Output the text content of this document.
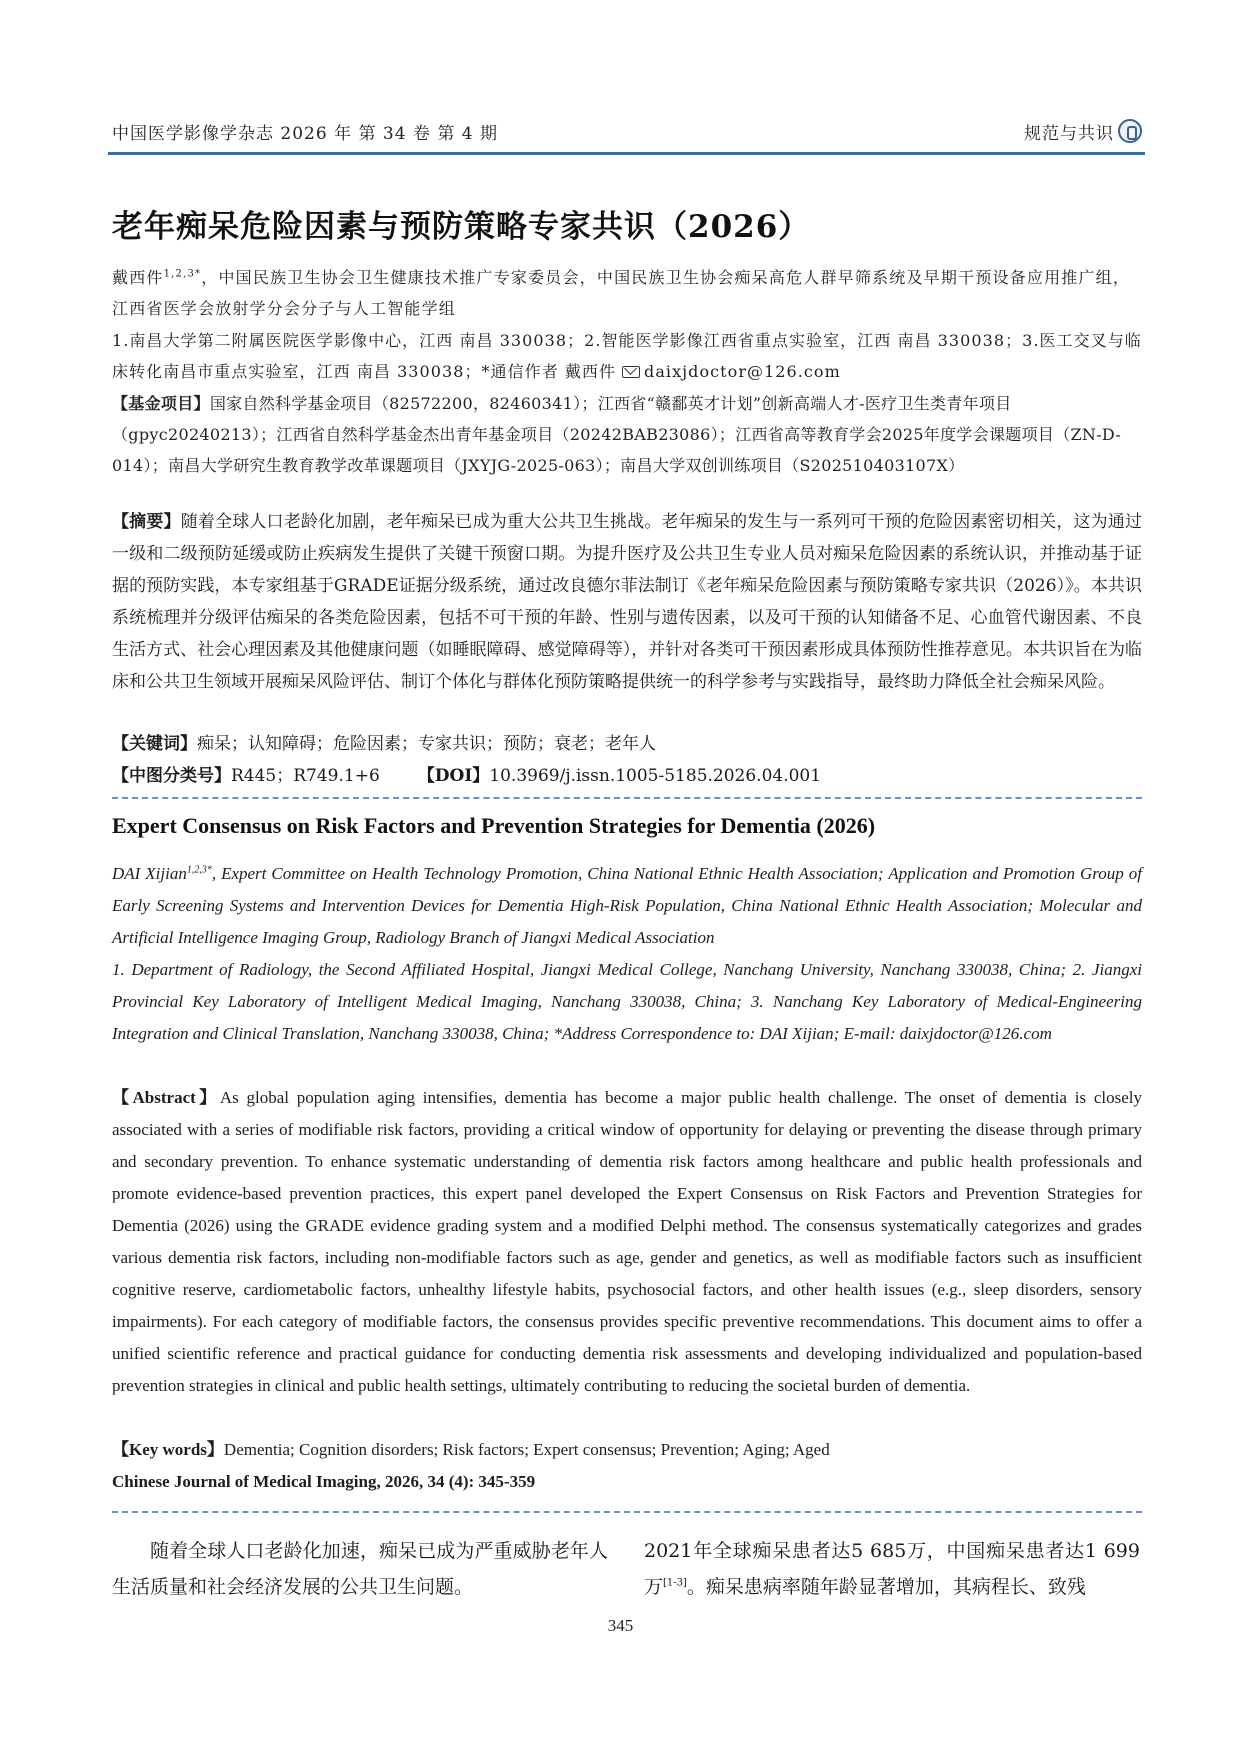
中国医学影像学杂志 2026 年 第 34 卷 第 4 期	规范与共识
老年痴呆危险因素与预防策略专家共识（2026）
戴西件$^{1,2,3*}$，中国民族卫生协会卫生健康技术推广专家委员会，中国民族卫生协会痴呆高危人群早筛系统及早期干预设备应用推广组，江西省医学会放射学分会分子与人工智能学组
1.南昌大学第二附属医院医学影像中心，江西 南昌 330038；2.智能医学影像江西省重点实验室，江西 南昌 330038；3.医工交叉与临床转化南昌市重点实验室，江西 南昌 330038；*通信作者 戴西件 daixjdoctor@126.com
【基金项目】国家自然科学基金项目（82572200，82460341）；江西省“赣鄱英才计划”创新高端人才-医疗卫生类青年项目（gpyc20240213）；江西省自然科学基金杰出青年基金项目（20242BAB23086）；江西省高等教育学会2025年度学会课题项目（ZN-D-014）；南昌大学研究生教育教学改革课题项目（JXYJG-2025-063）；南昌大学双创训练项目（S202510403107X）
【摘要】随着全球人口老龄化加剧，老年痴呆已成为重大公共卫生挑战。老年痴呆的发生与一系列可干预的危险因素密切相关，这为通过一级和二级预防延缓或防止疾病发生提供了关键干预窗口期。为提升医疗及公共卫生专业人员对痴呆危险因素的系统认识，并推动基于证据的预防实践，本专家组基于GRADE证据分级系统，通过改良德尔菲法制订《老年痴呆危险因素与预防策略专家共识（2026）》。本共识系统梳理并分级评估痴呆的各类危险因素，包括不可干预的年龄、性别与遗传因素，以及可干预的认知储备不足、心血管代谢因素、不良生活方式、社会心理因素及其他健康问题（如睡眠障碍、感觉障碍等），并针对各类可干预因素形成具体预防性推荐意见。本共识旨在为临床和公共卫生领域开展痴呆风险评估、制订个体化与群体化预防策略提供统一的科学参考与实践指导，最终助力降低全社会痴呆风险。
【关键词】痴呆；认知障碍；危险因素；专家共识；预防；衰老；老年人
【中图分类号】R445；R749.1+6 【DOI】10.3969/j.issn.1005-5185.2026.04.001
Expert Consensus on Risk Factors and Prevention Strategies for Dementia (2026)
DAI Xijian$^{1,2,3*}$, Expert Committee on Health Technology Promotion, China National Ethnic Health Association; Application and Promotion Group of Early Screening Systems and Intervention Devices for Dementia High-Risk Population, China National Ethnic Health Association; Molecular and Artificial Intelligence Imaging Group, Radiology Branch of Jiangxi Medical Association
1. Department of Radiology, the Second Affiliated Hospital, Jiangxi Medical College, Nanchang University, Nanchang 330038, China; 2. Jiangxi Provincial Key Laboratory of Intelligent Medical Imaging, Nanchang 330038, China; 3. Nanchang Key Laboratory of Medical-Engineering Integration and Clinical Translation, Nanchang 330038, China; *Address Correspondence to: DAI Xijian; E-mail: daixjdoctor@126.com
【Abstract】As global population aging intensifies, dementia has become a major public health challenge. The onset of dementia is closely associated with a series of modifiable risk factors, providing a critical window of opportunity for delaying or preventing the disease through primary and secondary prevention. To enhance systematic understanding of dementia risk factors among healthcare and public health professionals and promote evidence-based prevention practices, this expert panel developed the Expert Consensus on Risk Factors and Prevention Strategies for Dementia (2026) using the GRADE evidence grading system and a modified Delphi method. The consensus systematically categorizes and grades various dementia risk factors, including non-modifiable factors such as age, gender and genetics, as well as modifiable factors such as insufficient cognitive reserve, cardiometabolic factors, unhealthy lifestyle habits, psychosocial factors, and other health issues (e.g., sleep disorders, sensory impairments). For each category of modifiable factors, the consensus provides specific preventive recommendations. This document aims to offer a unified scientific reference and practical guidance for conducting dementia risk assessments and developing individualized and population-based prevention strategies in clinical and public health settings, ultimately contributing to reducing the societal burden of dementia.
【Key words】Dementia; Cognition disorders; Risk factors; Expert consensus; Prevention; Aging; Aged
Chinese Journal of Medical Imaging, 2026, 34 (4): 345-359
随着全球人口老龄化加速，痴呆已成为严重威胁老年人生活质量和社会经济发展的公共卫生问题。
2021年全球痴呆患者达5 685万，中国痴呆患者达1 699万[1-3]。痴呆患病率随年龄显著增加，其病程长、致残
345
